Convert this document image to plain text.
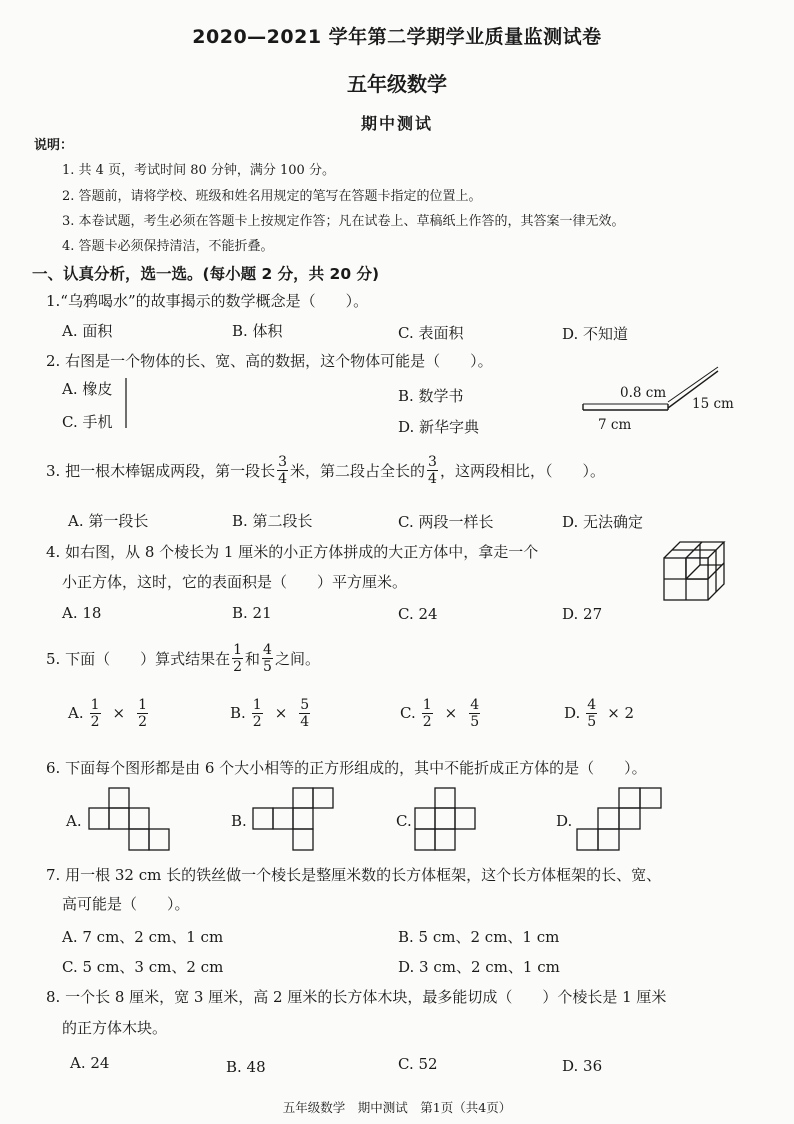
2020—2021 学年第二学期学业质量监测试卷
五年级数学
期中测试
说明：
1. 共 4 页，考试时间 80 分钟，满分 100 分。
2. 答题前，请将学校、班级和姓名用规定的笔写在答题卡指定的位置上。
3. 本卷试题，考生必须在答题卡上按规定作答；凡在试卷上、草稿纸上作答的，其答案一律无效。
4. 答题卡必须保持清洁，不能折叠。
一、认真分析，选一选。(每小题 2 分，共 20 分)
1.“乌鸦喝水”的故事揭示的数学概念是（　　）。
A. 面积	B. 体积	C. 表面积	D. 不知道
2. 右图是一个物体的长、宽、高的数据，这个物体可能是（　　）。
A. 橡皮	B. 数学书
C. 手机	D. 新华字典
0.8 cm
15 cm
7 cm
3. 把一根木棒锯成两段，第一段长 $\frac{3}{4}$ 米，第二段占全长的 $\frac{3}{4}$ ，这两段相比，（　　）。
A. 第一段长	B. 第二段长	C. 两段一样长	D. 无法确定
4. 如右图，从 8 个棱长为 1 厘米的小正方体拼成的大正方体中，拿走一个
小正方体，这时，它的表面积是（　　）平方厘米。
A. 18	B. 21	C. 24	D. 27
5. 下面（　　）算式结果在 $\frac{1}{2}$ 和 $\frac{4}{5}$ 之间。
A. $\frac{1}{2} \times \frac{1}{2}$	B. $\frac{1}{2} \times \frac{5}{4}$	C. $\frac{1}{2} \times \frac{4}{5}$	D. $\frac{4}{5} \times 2$
6. 下面每个图形都是由 6 个大小相等的正方形组成的，其中不能折成正方体的是（　　）。
A.	B.	C.	D.
7. 用一根 32 cm 长的铁丝做一个棱长是整厘米数的长方体框架，这个长方体框架的长、宽、
高可能是（　　）。
A. 7 cm、2 cm、1 cm	B. 5 cm、2 cm、1 cm
C. 5 cm、3 cm、2 cm	D. 3 cm、2 cm、1 cm
8. 一个长 8 厘米，宽 3 厘米，高 2 厘米的长方体木块，最多能切成（　　）个棱长是 1 厘米
的正方体木块。
A. 24	B. 48	C. 52	D. 36
五年级数学　期中测试　第1页（共4页）
